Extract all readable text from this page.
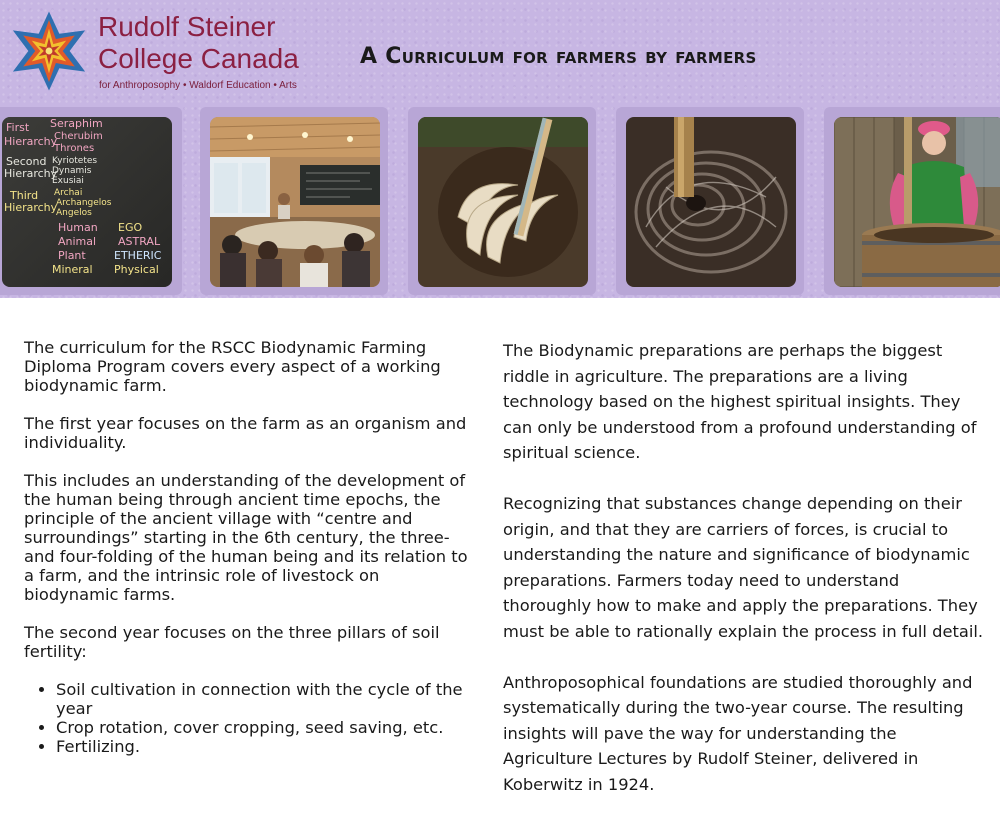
Rudolf Steiner
College Canada
for Anthroposophy • Waldorf Education • Arts
A Curriculum for farmers by farmers
First Seraphim
Hierarchy
Cherubim
Thrones
Second Kyriotetes
Hierarchy
Dynamis
Exusiai
Third Archai
Hierarchy
Archangelos
Angelos
Human EGO
Animal ASTRAL
Plant	ETHERIC
Mineral Physical

The curriculum for the RSCC Biodynamic Farming Diploma Program covers every aspect of a working biodynamic farm.

The first year focuses on the farm as an organism and individuality.

This includes an understanding of the development of the human being through ancient time epochs, the principle of the ancient village with “centre and surroundings” starting in the 6th century, the three- and four-folding of the human being and its relation to a farm, and the intrinsic role of livestock on biodynamic farms.

The second year focuses on the three pillars of soil fertility:

• Soil cultivation in connection with the cycle of the year
• Crop rotation, cover cropping, seed saving, etc.
• Fertilizing.

The Biodynamic preparations are perhaps the biggest riddle in agriculture. The preparations are a living technology based on the highest spiritual insights. They can only be understood from a profound understanding of spiritual science.

Recognizing that substances change depending on their origin, and that they are carriers of forces, is crucial to understanding the nature and significance of biodynamic preparations. Farmers today need to understand thoroughly how to make and apply the preparations. They must be able to rationally explain the process in full detail.

Anthroposophical foundations are studied thoroughly and systematically during the two-year course. The resulting insights will pave the way for understanding the Agriculture Lectures by Rudolf Steiner, delivered in Koberwitz in 1924.
